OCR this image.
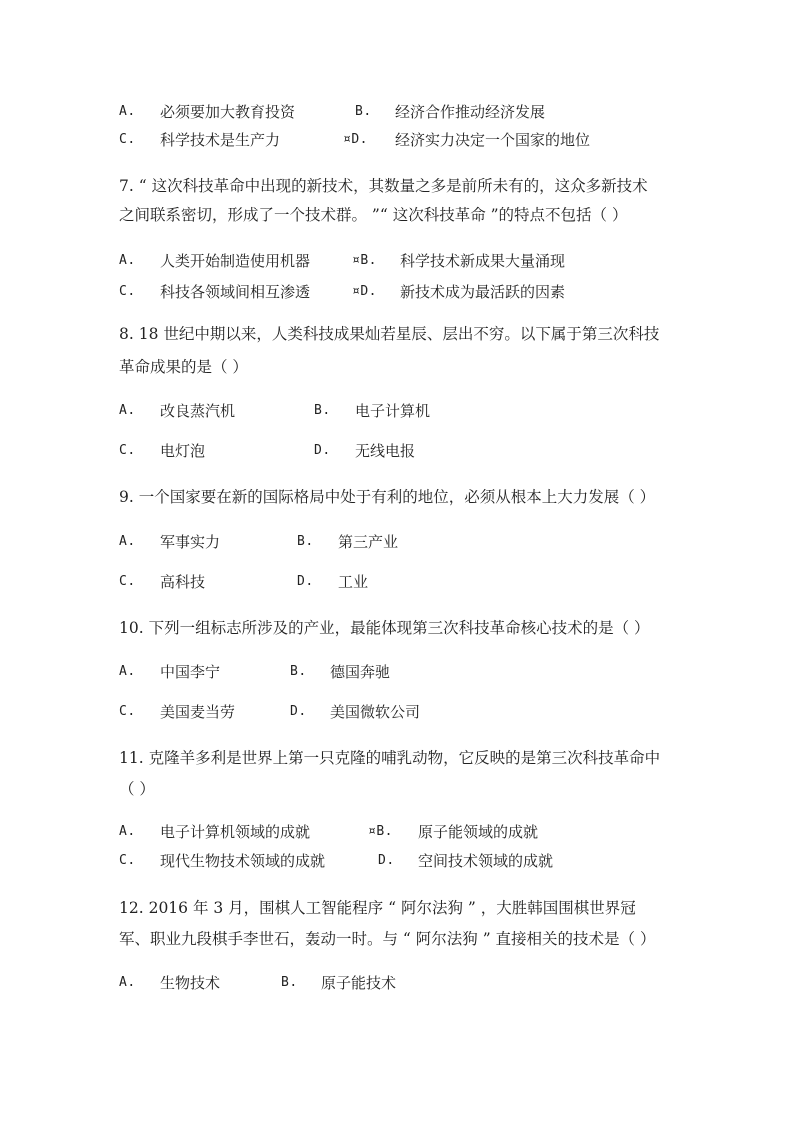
A. 必须要加大教育投资	B. 经济合作推动经济发展
C. 科学技术是生产力	¤D. 经济实力决定一个国家的地位
7. “ 这次科技革命中出现的新技术，其数量之多是前所未有的，这众多新技术
之间联系密切，形成了一个技术群。 ”“ 这次科技革命 ”的特点不包括（ ）
A. 人类开始制造使用机器	¤B. 科学技术新成果大量涌现
C. 科技各领域间相互渗透	¤D. 新技术成为最活跃的因素
8. 18 世纪中期以来，人类科技成果灿若星辰、层出不穷。以下属于第三次科技
革命成果的是（ ）
A. 改良蒸汽机	B. 电子计算机
C. 电灯泡	D. 无线电报
9. 一个国家要在新的国际格局中处于有利的地位，必须从根本上大力发展（ ）
A. 军事实力	B. 第三产业
C. 高科技	D. 工业
10. 下列一组标志所涉及的产业，最能体现第三次科技革命核心技术的是（ ）
A. 中国李宁	B. 德国奔驰
C. 美国麦当劳	D. 美国微软公司
11. 克隆羊多利是世界上第一只克隆的哺乳动物，它反映的是第三次科技革命中
（ ）
A. 电子计算机领域的成就	¤B. 原子能领域的成就
C. 现代生物技术领域的成就	D. 空间技术领域的成就
12. 2016 年 3 月，围棋人工智能程序 “ 阿尔法狗 ” ，大胜韩国围棋世界冠
军、职业九段棋手李世石，轰动一时。与 “ 阿尔法狗 ” 直接相关的技术是（ ）
A. 生物技术	B. 原子能技术
